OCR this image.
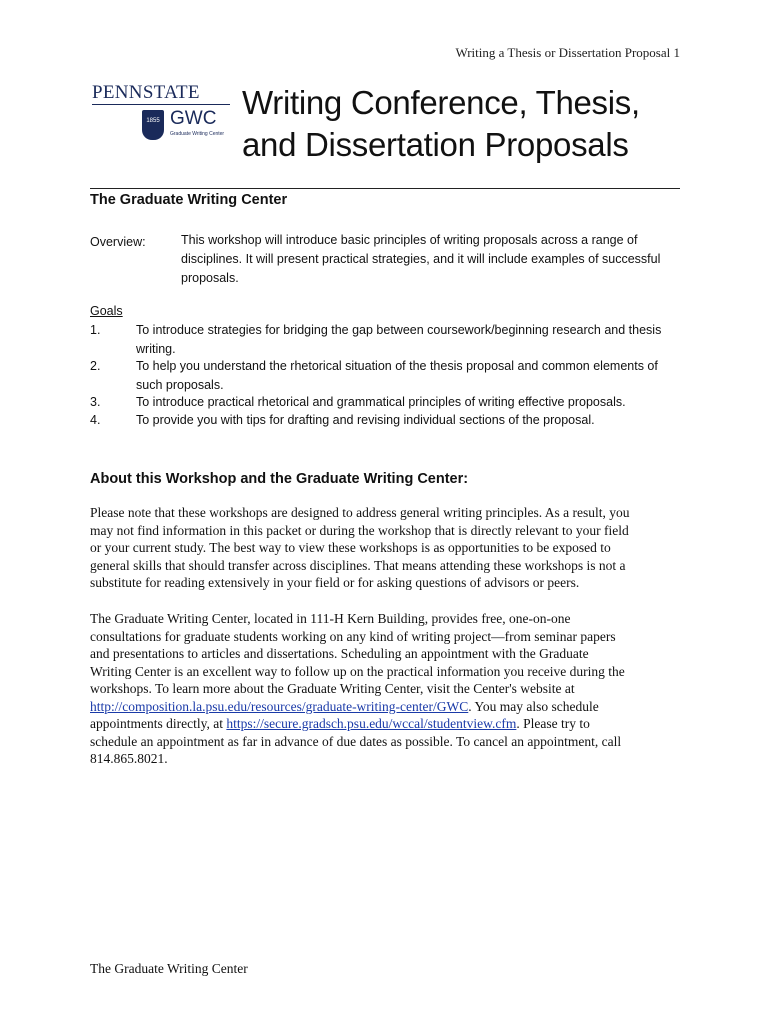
Writing a Thesis or Dissertation Proposal 1
PENNSTATE
1855 GWC
Graduate Writing Center
Writing Conference, Thesis,
and Dissertation Proposals
The Graduate Writing Center
Overview:	This workshop will introduce basic principles of writing proposals across a range of
disciplines. It will present practical strategies, and it will include examples of successful
proposals.
Goals
1.	To introduce strategies for bridging the gap between coursework/beginning research and thesis
writing.
2.	To help you understand the rhetorical situation of the thesis proposal and common elements of
such proposals.
3.	To introduce practical rhetorical and grammatical principles of writing effective proposals.
4.	To provide you with tips for drafting and revising individual sections of the proposal.
About this Workshop and the Graduate Writing Center:
Please note that these workshops are designed to address general writing principles. As a result, you
may not find information in this packet or during the workshop that is directly relevant to your field
or your current study. The best way to view these workshops is as opportunities to be exposed to
general skills that should transfer across disciplines. That means attending these workshops is not a
substitute for reading extensively in your field or for asking questions of advisors or peers.
The Graduate Writing Center, located in 111-H Kern Building, provides free, one-on-one
consultations for graduate students working on any kind of writing project—from seminar papers
and presentations to articles and dissertations. Scheduling an appointment with the Graduate
Writing Center is an excellent way to follow up on the practical information you receive during the
workshops. To learn more about the Graduate Writing Center, visit the Center's website at
http://composition.la.psu.edu/resources/graduate-writing-center/GWC. You may also schedule
appointments directly, at https://secure.gradsch.psu.edu/wccal/studentview.cfm. Please try to
schedule an appointment as far in advance of due dates as possible. To cancel an appointment, call
814.865.8021.
The Graduate Writing Center
